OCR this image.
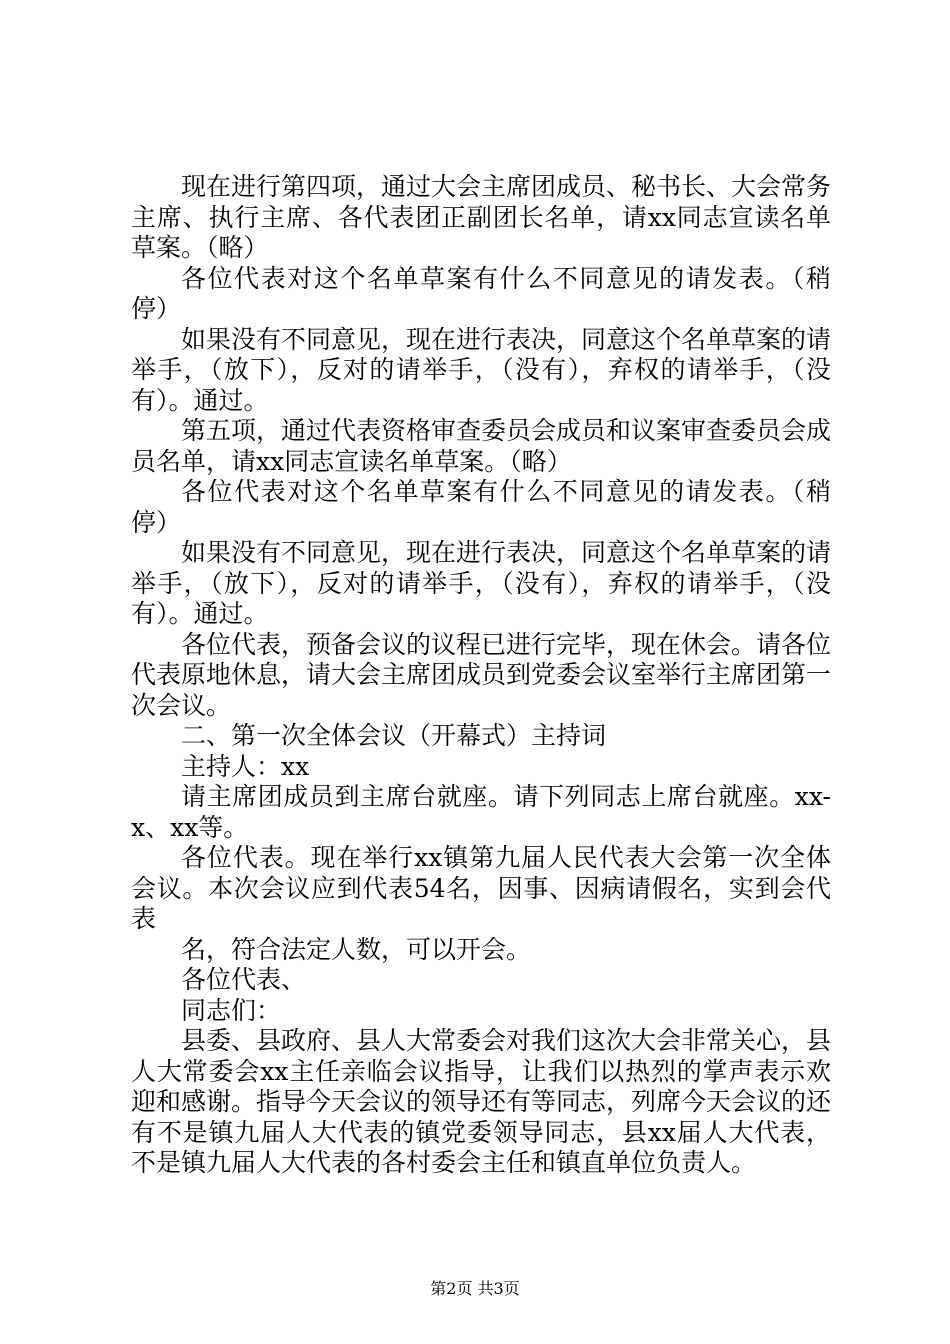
现在进行第四项，通过大会主席团成员、秘书长、大会常务主席、执行主席、各代表团正副团长名单，请xx同志宣读名单草案。（略）

各位代表对这个名单草案有什么不同意见的请发表。（稍停）

如果没有不同意见，现在进行表决，同意这个名单草案的请举手，（放下），反对的请举手，（没有），弃权的请举手，（没有）。通过。

第五项，通过代表资格审查委员会成员和议案审查委员会成员名单，请xx同志宣读名单草案。（略）

各位代表对这个名单草案有什么不同意见的请发表。（稍停）

如果没有不同意见，现在进行表决，同意这个名单草案的请举手，（放下），反对的请举手，（没有），弃权的请举手，（没有）。通过。

各位代表，预备会议的议程已进行完毕，现在休会。请各位代表原地休息，请大会主席团成员到党委会议室举行主席团第一次会议。

二、第一次全体会议（开幕式）主持词

主持人：xx

请主席团成员到主席台就座。请下列同志上席台就座。xx-x、xx等。

各位代表。现在举行xx镇第九届人民代表大会第一次全体会议。本次会议应到代表54名，因事、因病请假名，实到会代表

名，符合法定人数，可以开会。

各位代表、

同志们：

县委、县政府、县人大常委会对我们这次大会非常关心，县人大常委会xx主任亲临会议指导，让我们以热烈的掌声表示欢迎和感谢。指导今天会议的领导还有等同志，列席今天会议的还有不是镇九届人大代表的镇党委领导同志，县xx届人大代表，不是镇九届人大代表的各村委会主任和镇直单位负责人。

第2页 共3页
